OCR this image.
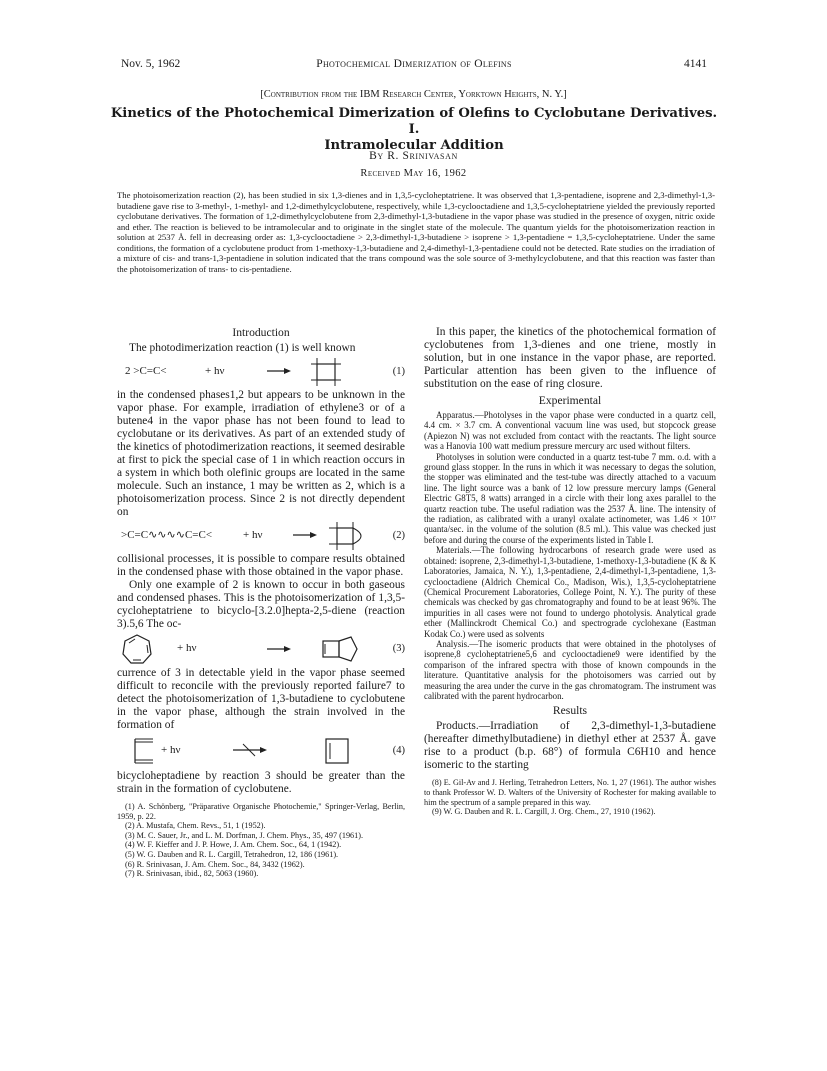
Nov. 5, 1962	Photochemical Dimerization of Olefins	4141
[Contribution from the IBM Research Center, Yorktown Heights, N. Y.]
Kinetics of the Photochemical Dimerization of Olefins to Cyclobutane Derivatives. I.
Intramolecular Addition
By R. Srinivasan
Received May 16, 1962
The photoisomerization reaction (2), has been studied in six 1,3-dienes and in 1,3,5-cycloheptatriene. It was observed that 1,3-pentadiene, isoprene and 2,3-dimethyl-1,3-butadiene gave rise to 3-methyl-, 1-methyl- and 1,2-dimethylcyclobutene, respectively, while 1,3-cyclooctadiene and 1,3,5-cycloheptatriene yielded the previously reported cyclobutane derivatives. The formation of 1,2-dimethylcyclobutene from 2,3-dimethyl-1,3-butadiene in the vapor phase was studied in the presence of oxygen, nitric oxide and ether. The reaction is believed to be intramolecular and to originate in the singlet state of the molecule. The quantum yields for the photoisomerization reaction in solution at 2537 Å. fell in decreasing order as: 1,3-cyclooctadiene > 2,3-dimethyl-1,3-butadiene > isoprene > 1,3-pentadiene = 1,3,5-cycloheptatriene. Under the same conditions, the formation of a cyclobutene product from 1-methoxy-1,3-butadiene and 2,4-dimethyl-1,3-pentadiene could not be detected. Rate studies on the irradiation of a mixture of cis- and trans-1,3-pentadiene in solution indicated that the trans compound was the sole source of 3-methylcyclobutene, and that this reaction was faster than the photoisomerization of trans- to cis-pentadiene.
Introduction

The photodimerization reaction (1) is well known

2 >C=C<	+ hν	(1)

in the condensed phases1,2 but appears to be unknown in the vapor phase. For example, irradiation of ethylene3 or of a butene4 in the vapor phase has not been found to lead to cyclobutane or its derivatives. As part of an extended study of the kinetics of photodimerization reactions, it seemed desirable at first to pick the special case of 1 in which reaction occurs in a system in which both olefinic groups are located in the same molecule. Such an instance, 1 may be written as 2, which is a photoisomerization process. Since 2 is not directly dependent on

>C=C∿∿∿∿C=C<	+ hν	(2)

collisional processes, it is possible to compare results obtained in the condensed phase with those obtained in the vapor phase.

Only one example of 2 is known to occur in both gaseous and condensed phases. This is the photoisomerization of 1,3,5-cycloheptatriene to bicyclo-[3.2.0]hepta-2,5-diene (reaction 3).5,6 The oc-

+ hν	(3)

currence of 3 in detectable yield in the vapor phase seemed difficult to reconcile with the previously reported failure7 to detect the photoisomerization of 1,3-butadiene to cyclobutene in the vapor phase, although the strain involved in the formation of

+ hν	(4)

bicycloheptadiene by reaction 3 should be greater than the strain in the formation of cyclobutene.

(1) A. Schönberg, "Präparative Organische Photochemie," Springer-Verlag, Berlin, 1959, p. 22.

(2) A. Mustafa, Chem. Revs., 51, 1 (1952).

(3) M. C. Sauer, Jr., and L. M. Dorfman, J. Chem. Phys., 35, 497 (1961).

(4) W. F. Kieffer and J. P. Howe, J. Am. Chem. Soc., 64, 1 (1942).

(5) W. G. Dauben and R. L. Cargill, Tetrahedron, 12, 186 (1961).

(6) R. Srinivasan, J. Am. Chem. Soc., 84, 3432 (1962).

(7) R. Srinivasan, ibid., 82, 5063 (1960).

In this paper, the kinetics of the photochemical formation of cyclobutenes from 1,3-dienes and one triene, mostly in solution, but in one instance in the vapor phase, are reported. Particular attention has been given to the influence of substitution on the ease of ring closure.

Experimental

Apparatus.—Photolyses in the vapor phase were conducted in a quartz cell, 4.4 cm. × 3.7 cm. A conventional vacuum line was used, but stopcock grease (Apiezon N) was not excluded from contact with the reactants. The light source was a Hanovia 100 watt medium pressure mercury arc used without filters.

Photolyses in solution were conducted in a quartz test-tube 7 mm. o.d. with a ground glass stopper. In the runs in which it was necessary to degas the solution, the stopper was eliminated and the test-tube was directly attached to a vacuum line. The light source was a bank of 12 low pressure mercury lamps (General Electric G8T5, 8 watts) arranged in a circle with their long axes parallel to the quartz reaction tube. The useful radiation was the 2537 Å. line. The intensity of the radiation, as calibrated with a uranyl oxalate actinometer, was 1.46 × 10¹⁷ quanta/sec. in the volume of the solution (8.5 ml.). This value was checked just before and during the course of the experiments listed in Table I.

Materials.—The following hydrocarbons of research grade were used as obtained: isoprene, 2,3-dimethyl-1,3-butadiene, 1-methoxy-1,3-butadiene (K & K Laboratories, Jamaica, N. Y.), 1,3-pentadiene, 2,4-dimethyl-1,3-pentadiene, 1,3-cyclooctadiene (Aldrich Chemical Co., Madison, Wis.), 1,3,5-cycloheptatriene (Chemical Procurement Laboratories, College Point, N. Y.). The purity of these chemicals was checked by gas chromatography and found to be at least 96%. The impurities in all cases were not found to undergo photolysis. Analytical grade ether (Mallinckrodt Chemical Co.) and spectrograde cyclohexane (Eastman Kodak Co.) were used as solvents

Analysis.—The isomeric products that were obtained in the photolyses of isoprene,8 cycloheptatriene5,6 and cyclooctadiene9 were identified by the comparison of the infrared spectra with those of known compounds in the literature. Quantitative analysis for the photoisomers was carried out by measuring the area under the curve in the gas chromatogram. The instrument was calibrated with the parent hydrocarbon.

Results

Products.—Irradiation of 2,3-dimethyl-1,3-butadiene (hereafter dimethylbutadiene) in diethyl ether at 2537 Å. gave rise to a product (b.p. 68°) of formula C6H10 and hence isomeric to the starting

(8) E. Gil-Av and J. Herling, Tetrahedron Letters, No. 1, 27 (1961). The author wishes to thank Professor W. D. Walters of the University of Rochester for making available to him the spectrum of a sample prepared in this way.

(9) W. G. Dauben and R. L. Cargill, J. Org. Chem., 27, 1910 (1962).
